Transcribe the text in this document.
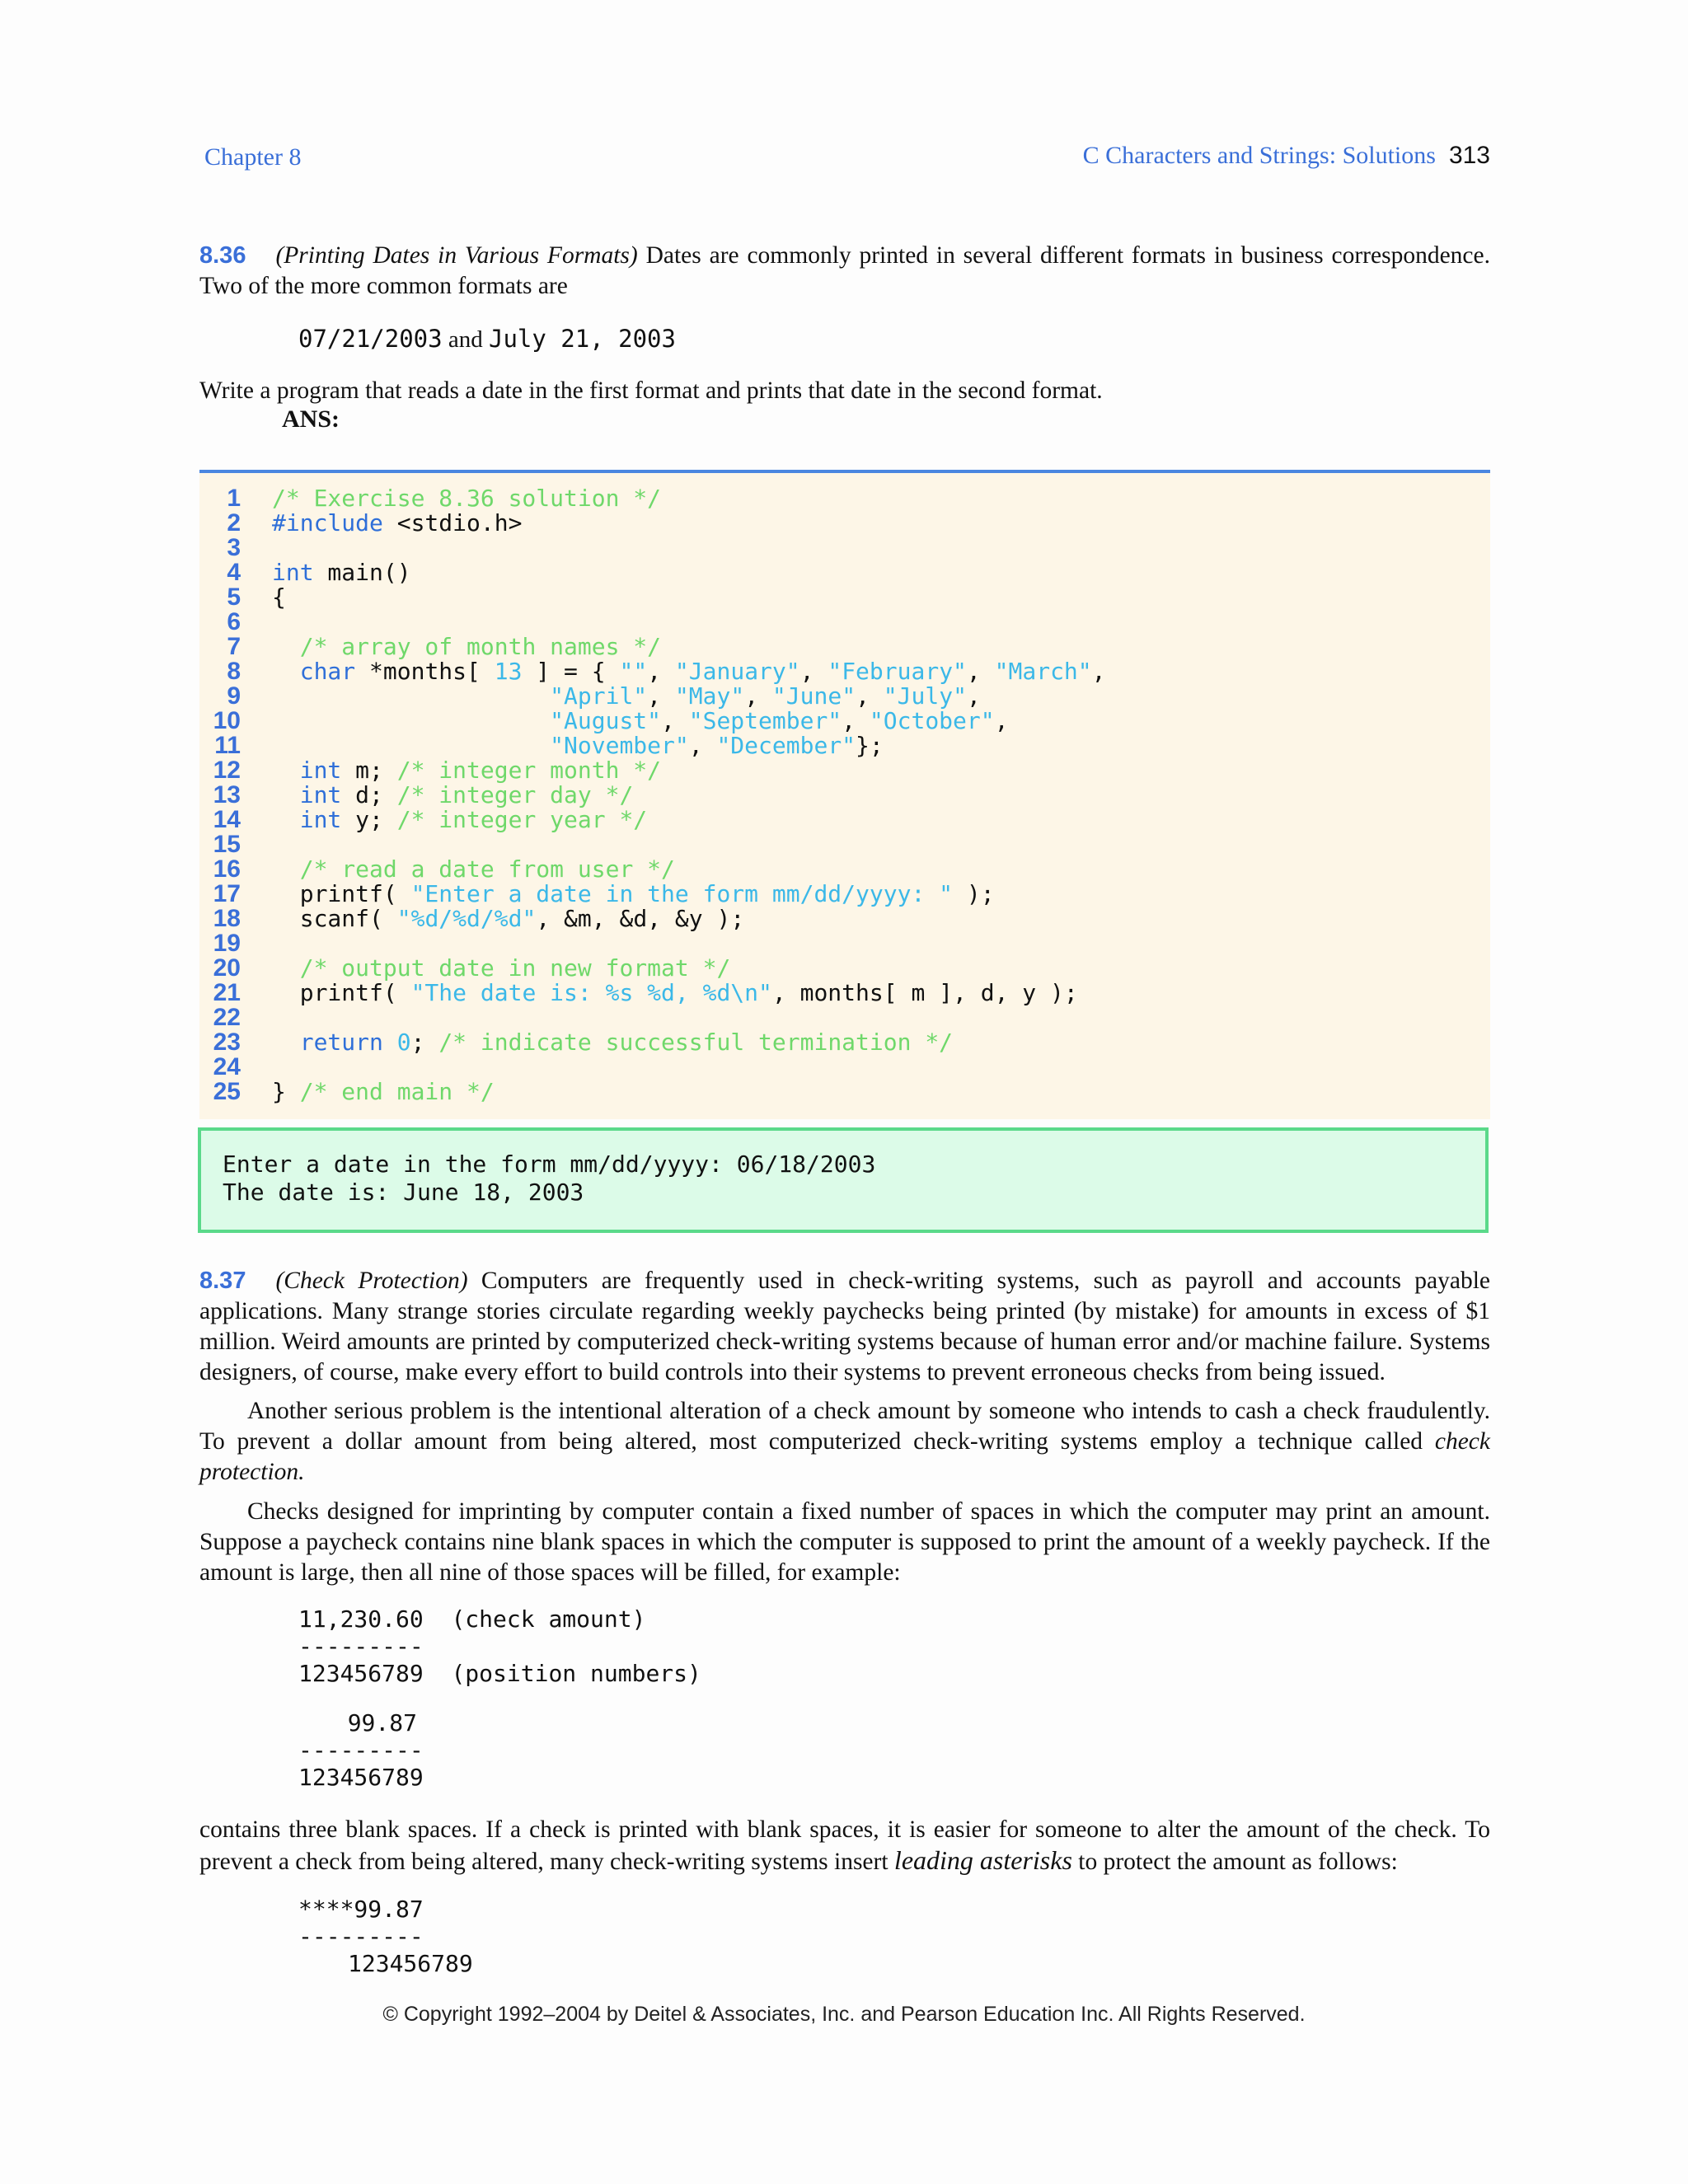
Chapter 8	C Characters and Strings: Solutions 313
8.36 (Printing Dates in Various Formats) Dates are commonly printed in several different formats in business correspondence. Two of the more common formats are
07/21/2003 and July 21, 2003
Write a program that reads a date in the first format and prints that date in the second format.
ANS:
1 /* Exercise 8.36 solution */
2 #include <stdio.h>
3
4 int main()
5 {
6
7	/* array of month names */
8	char *months[ 13 ] = { "", "January", "February", "March",
9	"April", "May", "June", "July",
10	"August", "September", "October",
11	"November", "December"};
12	int m; /* integer month */
13	int d; /* integer day */
14	int y; /* integer year */
15
16	/* read a date from user */
17	printf( "Enter a date in the form mm/dd/yyyy: " );
18	scanf( "%d/%d/%d", &m, &d, &y );
19
20	/* output date in new format */
21	printf( "The date is: %s %d, %d\n", months[ m ], d, y );
22
23	return 0; /* indicate successful termination */
24
25 } /* end main */
Enter a date in the form mm/dd/yyyy: 06/18/2003
The date is: June 18, 2003
8.37 (Check Protection) Computers are frequently used in check-writing systems, such as payroll and accounts payable applications. Many strange stories circulate regarding weekly paychecks being printed (by mistake) for amounts in excess of $1 million. Weird amounts are printed by computerized check-writing systems because of human error and/or machine failure. Systems designers, of course, make every effort to build controls into their systems to prevent erroneous checks from being issued.
Another serious problem is the intentional alteration of a check amount by someone who intends to cash a check fraudulently. To prevent a dollar amount from being altered, most computerized check-writing systems employ a technique called check protection.
Checks designed for imprinting by computer contain a fixed number of spaces in which the computer may print an amount. Suppose a paycheck contains nine blank spaces in which the computer is supposed to print the amount of a weekly paycheck. If the amount is large, then all nine of those spaces will be filled, for example:
11,230.60 (check amount)
---------
123456789 (position numbers)
99.87
---------
123456789
contains three blank spaces. If a check is printed with blank spaces, it is easier for someone to alter the amount of the check. To prevent a check from being altered, many check-writing systems insert leading asterisks to protect the amount as follows:
****99.87
---------
123456789
© Copyright 1992–2004 by Deitel & Associates, Inc. and Pearson Education Inc. All Rights Reserved.
